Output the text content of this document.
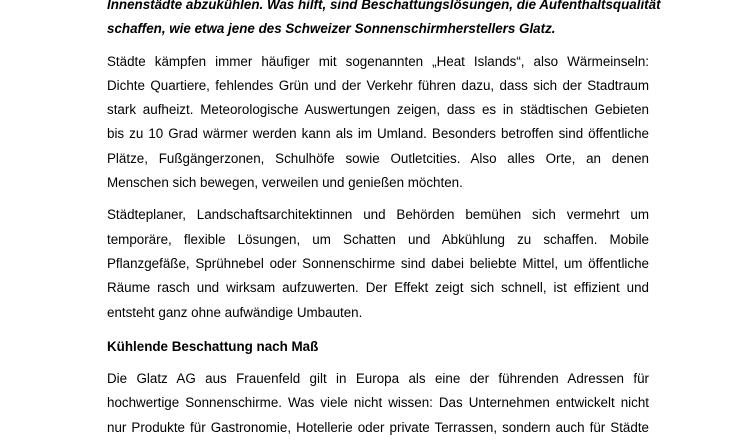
Innenstädte abzukühlen. Was hilft, sind Beschattungslösungen, die Aufenthaltsqualität
schaffen, wie etwa jene des Schweizer Sonnenschirmherstellers Glatz.

Städte kämpfen immer häufiger mit sogenannten „Heat Islands“, also Wärmeinseln:
Dichte Quartiere, fehlendes Grün und der Verkehr führen dazu, dass sich der Stadtraum
stark aufheizt. Meteorologische Auswertungen zeigen, dass es in städtischen Gebieten
bis zu 10 Grad wärmer werden kann als im Umland. Besonders betroffen sind öffentliche
Plätze, Fußgängerzonen, Schulhöfe sowie Outletcities. Also alles Orte, an denen
Menschen sich bewegen, verweilen und genießen möchten.

Städteplaner, Landschaftsarchitektinnen und Behörden bemühen sich vermehrt um
temporäre, flexible Lösungen, um Schatten und Abkühlung zu schaffen. Mobile
Pflanzgefäße, Sprühnebel oder Sonnenschirme sind dabei beliebte Mittel, um öffentliche
Räume rasch und wirksam aufzuwerten. Der Effekt zeigt sich schnell, ist effizient und
entsteht ganz ohne aufwändige Umbauten.

Kühlende Beschattung nach Maß

Die Glatz AG aus Frauenfeld gilt in Europa als eine der führenden Adressen für
hochwertige Sonnenschirme. Was viele nicht wissen: Das Unternehmen entwickelt nicht
nur Produkte für Gastronomie, Hotellerie oder private Terrassen, sondern auch für Städte
